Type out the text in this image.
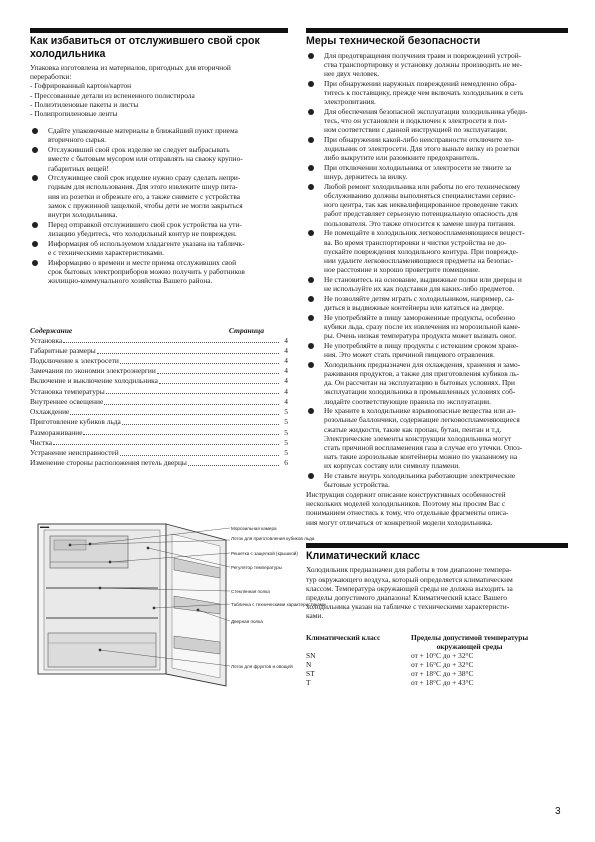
Как избавиться от отслужившего свой срок холодильника

Упаковка изготовлена из материалов, пригодных для вторичной

переработки:

- Гофрированный картон/картон

- Прессованные детали из вспененного полистирола

- Полиэтиленовые пакеты и листы

- Полипропиленовые ленты

Сдайте упаковочные материалы в ближайший пункт приема
вторичного сырья.
Отслуживший свой срок изделие не следует выбрасывать
вместе с бытовым мусором или отправлять на сваоку крупно-
габаритных вещей!
Отслуживщее свой срок изделие нужно сразу сделать непри-
годным для использования. Для этого извлеките шнур пита-
ния из розетки и обрежьте его, а также снимите с устройства
замок с пружинной защелкой, чтобы дети не могли закрыться
внутри холодильника.
Перед отправкой отслужившего свой срок устройства на ути-
лизацию убедитесь, что холодильный контур не поврежден.
Информация об используемом хладагенте указана на табличк-
е с техническими характеристиками.
Информацию о времени и месте приема отслуживших свой
срок бытовых электроприборов можно получить у работников
жилищно-коммунального хозяйства Вашего района.
Содержание	Страница
Установка	4
Габаритные размеры	4
Подключение к электросети	4
Замечания по экономии электроэнергии	4
Включение и выключение холодильника	4
Установка температуры	4
Внутреннее освещение	4
Охлаждение	5
Приготовление кубиков льда	5
Размораживание	5
Чистка	5
Устранение неисправностей	5
Изменение стороны расположения петель дверцы	6
▬▬	Морозильная камера
Лоток для приготовления кубиков льда
Решетка с защелкой (крышкой)
Регулятор температуры
Стеклянная полка
Табличка с техническими характеристиками
Дверная полка
Лоток для фруктов и овощей
Меры технической безопасности
Для предотвращения получения травм и повреждений устрой-
ства транспортировку и установку должны производить не ме-
нее двух человек.
При обнаружении наружных повреждений немедленно обра-
титесь к поставщику, прежде чем включать холодильник в сеть
электропитания.
Для обеспечения безопасной эксплуатации холодильника убеди-
тесь, что он установлен и подключен к электросети в пол-
ном соответствии с данной инструкцией по эксплуатации.
При обнаружении какой-либо неисправности отключите хо-
лодильник от электросети. Для этого выньте вилку из розетки
либо выкрутите или разомкните предохранитель.
При отключении холодильника от электросети не тяните за
шнур, держитесь за вилку.
Любой ремонт холодильника или работы по его техническому
обслуживанию должны выполняться специалистами сервис-
ного центра, так как неквалифицированное проведение таких
работ представляет серьезную потенциальную опасность для
пользователя. Это также относится к замене шнура питания.
Не помещайте в холодильник легковоспламеняющиеся вещест-
ва. Во время транспортировки и чистки устройства не до-
пускайте повреждения холодильного контура. При поврежде-
нии удалите легковоспламеняющиеся предметы на безопас-
ное расстояние и хорошо проветрите помещение.
Не становитесь на основание, выдвижные полки или дверцы и
не используйте их как подставки для каких-либо предметов.
Не позволяйте детям играть с холодильником, например, са-
диться в выдвижные контейнеры или кататься на дверце.
Не употребляйте в пищу замороженные продукты, особенно
кубики льда, сразу после их извлечения из морозильной каме-
ры. Очень низкая температура продукта может вызвать ожог.
Не употребляйте в пищу продукты с истекшим сроком хране-
ния. Это может стать причиной пищевого отравления.
Холодильник предназначен для охлаждения, хранения и замо-
раживания продуктов, а также для приготовления кубиков ль-
да. Он рассчитан на эксплуатацию в бытовых условиях. При
эксплуатации холодильника в промышленных условиях соб-
людайте соответствующие правила по эксплуатации.
Не храните в холодильнике взрывоопасные вещества или аэ-
розольные баллончики, содержащие легковоспламеняющиеся
сжатые жидкости, такие как пропан, бутан, пентан и т.д.
Электрические элементы конструкции холодильника могут
стать причиной воспламенения газа в случае его утечки. Опоз-
нать такие аэрозольные контейнеры можно по указанному на
их корпусах составу или символу пламени.
Не ставьте внутрь холодильника работающие электрические
бытовые устройства.

Инструкция содержит описание конструктивных особенностей

нескольких моделей холодильников. Поэтому мы просим Вас с

пониманием отнестись к тому, что отдельные фрагменты описа-

ния могут отличаться от конкретной модели холодильника.

Климатический класс

Холодильник предназначен для работы в том диапазоне темпера-

тур окружающего воздуха, который определяется климатическим

классом. Температура окружающей среды не должна выходить за

пределы допустимого диапазона! Климатический класс Вашего

холодильника указан на табличке с техническими характеристи-

ками.

Климатический класс	Пределы допустимой температуры
окружающей среды
SN	от + 10°С до + 32°С
N	от + 16°С до + 32°С
ST	от + 18°С до + 38°С
T	от + 18°С до + 43°С
3
